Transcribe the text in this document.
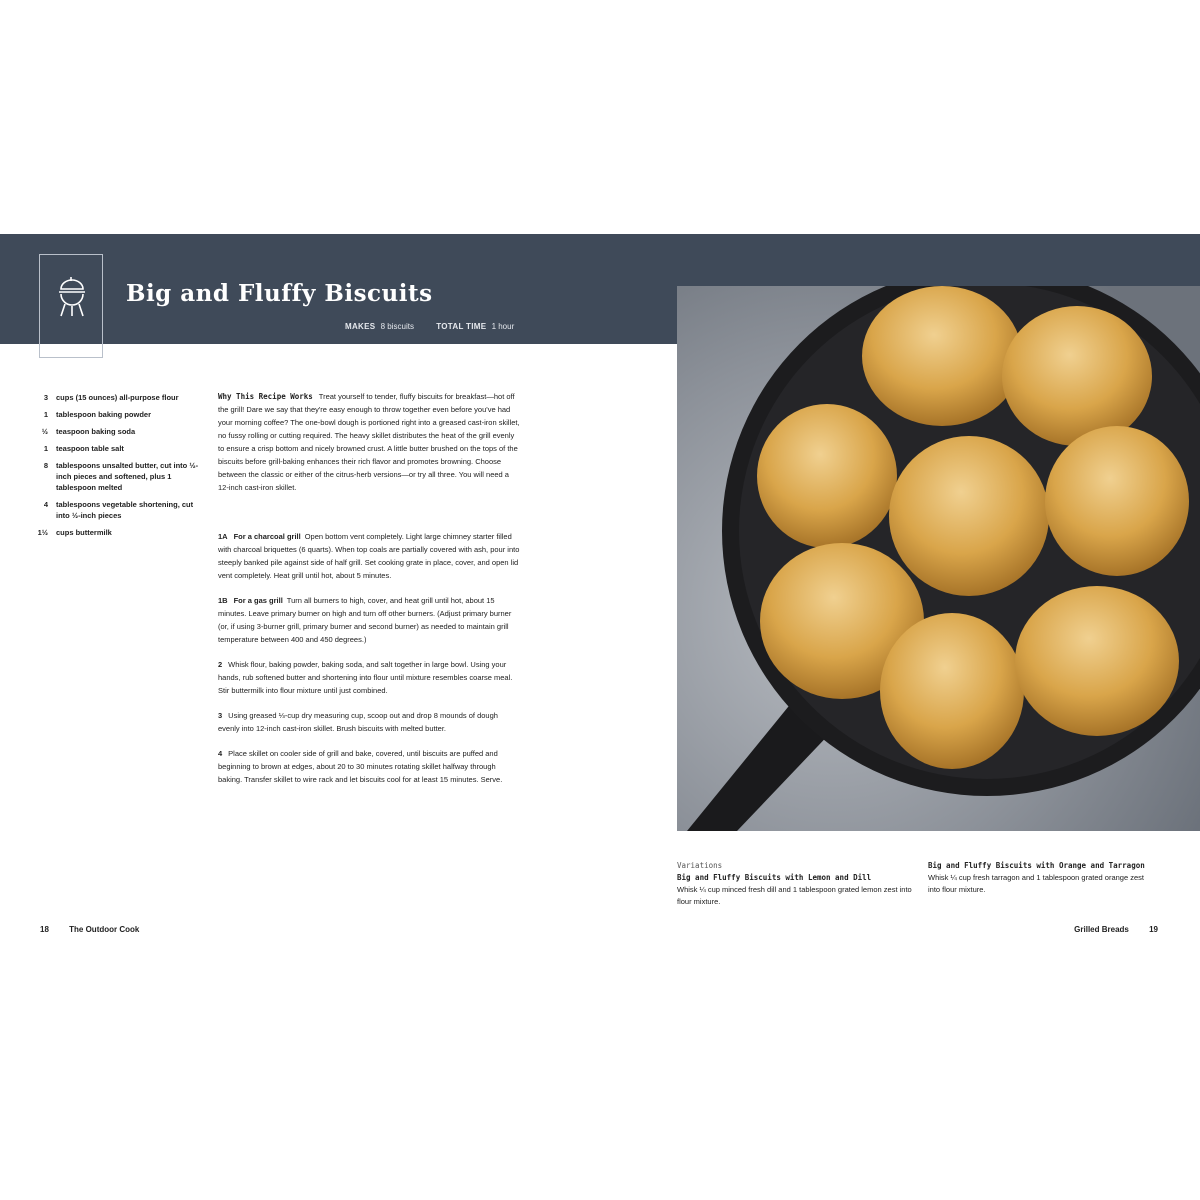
Big and Fluffy Biscuits
MAKES 8 biscuits	TOTAL TIME 1 hour
3	cups (15 ounces) all-purpose flour
1	tablespoon baking powder
½	teaspoon baking soda
1	teaspoon table salt
8	tablespoons unsalted butter, cut into ½-inch pieces and softened, plus 1 tablespoon melted
4	tablespoons vegetable shortening, cut into ½-inch pieces
1½	cups buttermilk

Why This Recipe Works Treat yourself to tender, fluffy biscuits for breakfast—hot off the grill! Dare we say that they're easy enough to throw together even before you've had your morning coffee? The one-bowl dough is portioned right into a greased cast-iron skillet, no fussy rolling or cutting required. The heavy skillet distributes the heat of the grill evenly to ensure a crisp bottom and nicely browned crust. A little butter brushed on the tops of the biscuits before grill-baking enhances their rich flavor and promotes browning. Choose between the classic or either of the citrus-herb versions—or try all three. You will need a 12-inch cast-iron skillet.

1A For a charcoal grill Open bottom vent completely. Light large chimney starter filled with charcoal briquettes (6 quarts). When top coals are partially covered with ash, pour into steeply banked pile against side of half grill. Set cooking grate in place, cover, and open lid vent completely. Heat grill until hot, about 5 minutes.

1B For a gas grill Turn all burners to high, cover, and heat grill until hot, about 15 minutes. Leave primary burner on high and turn off other burners. (Adjust primary burner (or, if using 3-burner grill, primary burner and second burner) as needed to maintain grill temperature between 400 and 450 degrees.)

2 Whisk flour, baking powder, baking soda, and salt together in large bowl. Using your hands, rub softened butter and shortening into flour until mixture resembles coarse meal. Stir buttermilk into flour mixture until just combined.

3 Using greased ⅓-cup dry measuring cup, scoop out and drop 8 mounds of dough evenly into 12-inch cast-iron skillet. Brush biscuits with melted butter.

4 Place skillet on cooler side of grill and bake, covered, until biscuits are puffed and beginning to brown at edges, about 20 to 30 minutes rotating skillet halfway through baking. Transfer skillet to wire rack and let biscuits cool for at least 15 minutes. Serve.

Variations
Big and Fluffy Biscuits with Lemon and Dill
Whisk ¼ cup minced fresh dill and 1 tablespoon grated lemon zest into flour mixture.
Big and Fluffy Biscuits with Orange and Tarragon
Whisk ¼ cup fresh tarragon and 1 tablespoon grated orange zest into flour mixture.
18	The Outdoor Cook	Grilled Breads	19
